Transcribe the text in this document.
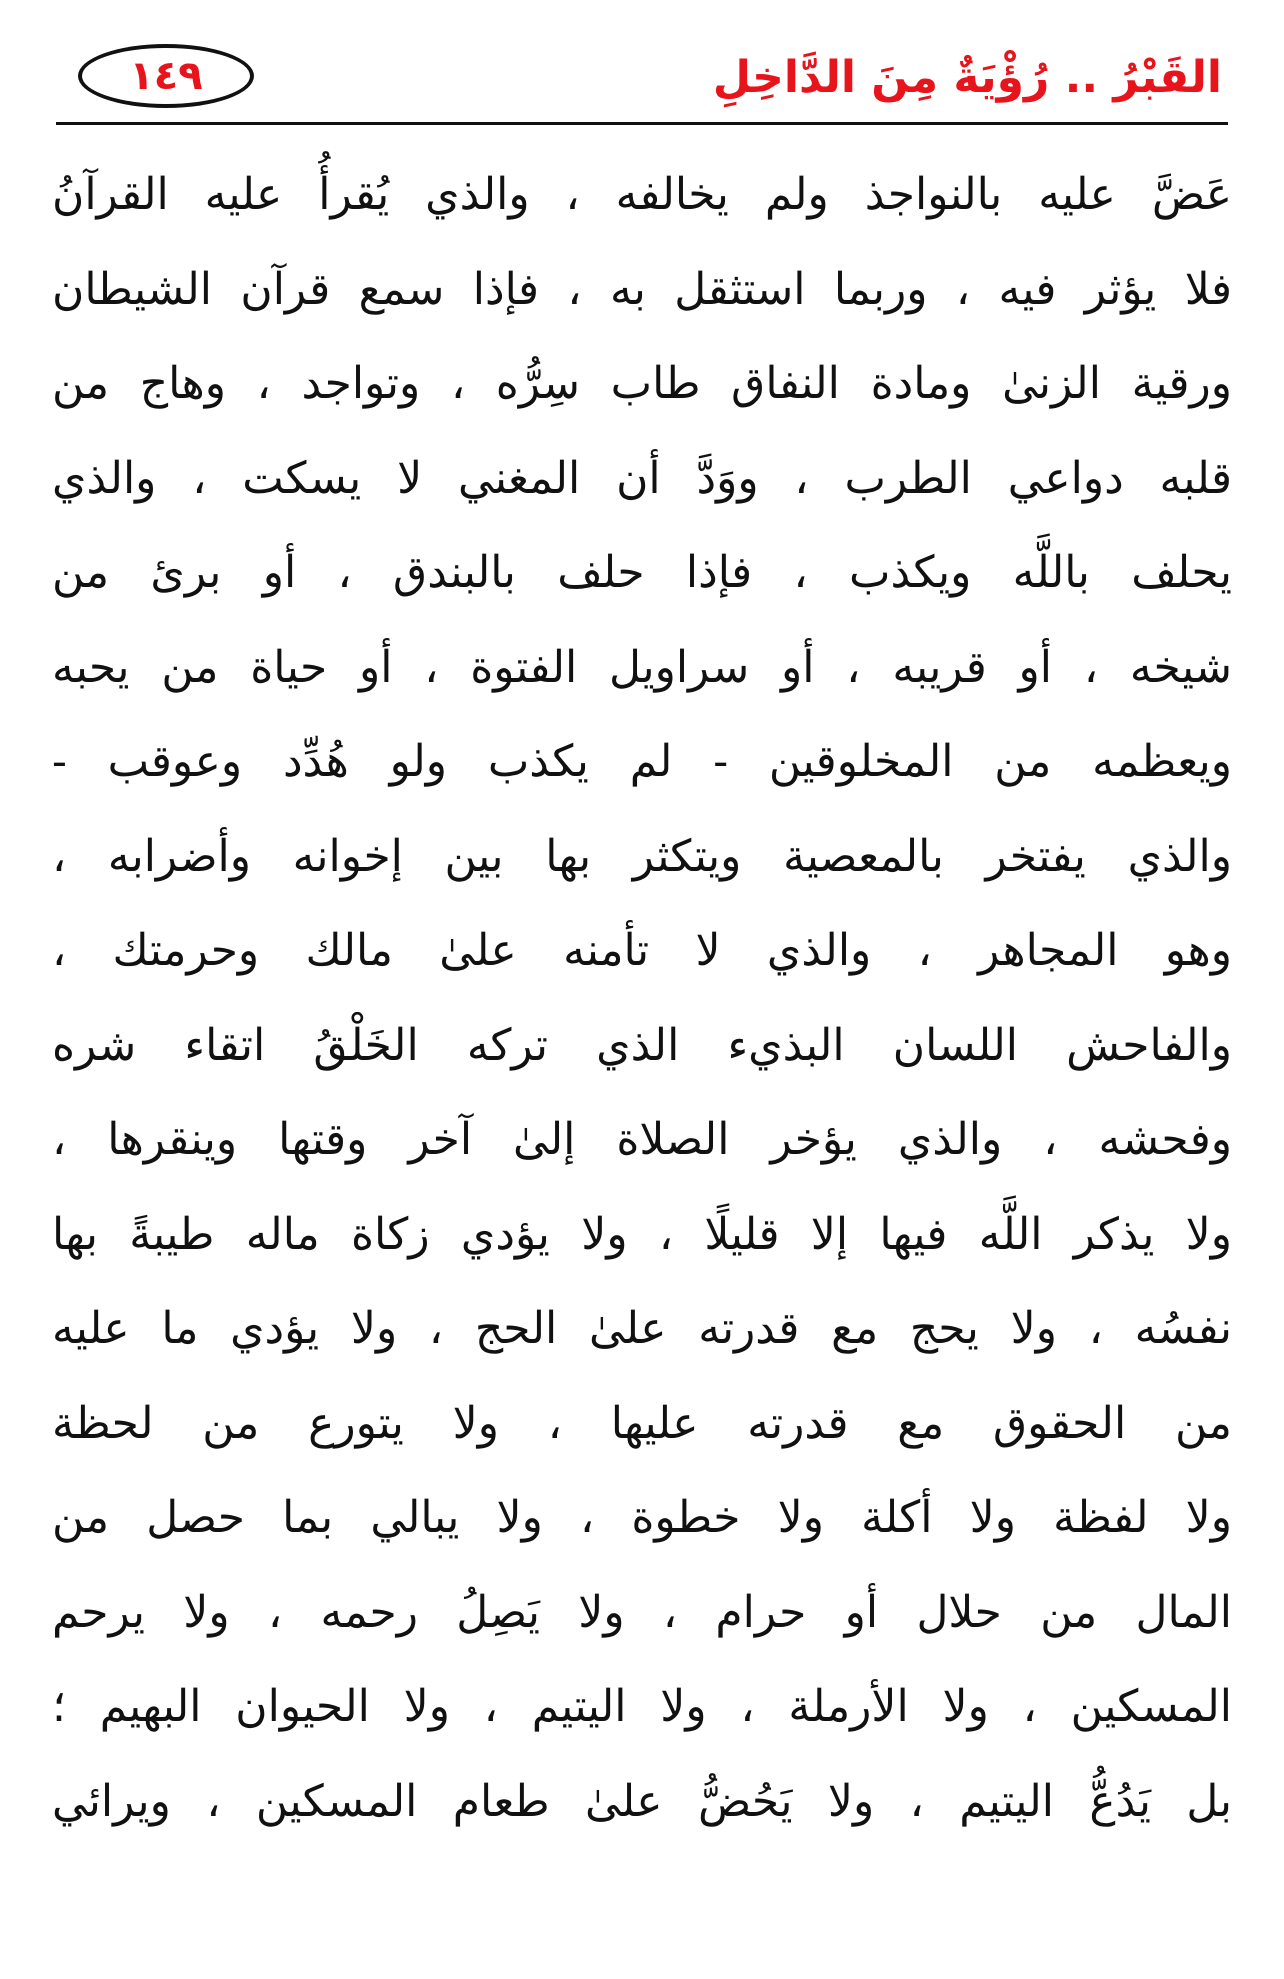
القَبْرُ .. رُؤْيَةٌ مِنَ الدَّاخِلِ
١٤٩
عَضَّ عليه بالنواجذ ولم يخالفه ، والذي يُقرأُ عليه القرآنُ
فلا يؤثر فيه ، وربما استثقل به ، فإذا سمع قرآن الشيطان
ورقية الزنىٰ ومادة النفاق طاب سِرُّه ، وتواجد ، وهاج من
قلبه دواعي الطرب ، ووَدَّ أن المغني لا يسكت ، والذي
يحلف باللَّه ويكذب ، فإذا حلف بالبندق ، أو برئ من
شيخه ، أو قريبه ، أو سراويل الفتوة ، أو حياة من يحبه
ويعظمه من المخلوقين - لم يكذب ولو هُدِّد وعوقب -
والذي يفتخر بالمعصية ويتكثر بها بين إخوانه وأضرابه ،
وهو المجاهر ، والذي لا تأمنه علىٰ مالك وحرمتك ،
والفاحش اللسان البذيء الذي تركه الخَلْقُ اتقاء شره
وفحشه ، والذي يؤخر الصلاة إلىٰ آخر وقتها وينقرها ،
ولا يذكر اللَّه فيها إلا قليلًا ، ولا يؤدي زكاة ماله طيبةً بها
نفسُه ، ولا يحج مع قدرته علىٰ الحج ، ولا يؤدي ما عليه
من الحقوق مع قدرته عليها ، ولا يتورع من لحظة
ولا لفظة ولا أكلة ولا خطوة ، ولا يبالي بما حصل من
المال من حلال أو حرام ، ولا يَصِلُ رحمه ، ولا يرحم
المسكين ، ولا الأرملة ، ولا اليتيم ، ولا الحيوان البهيم ؛
بل يَدُعُّ اليتيم ، ولا يَحُضُّ علىٰ طعام المسكين ، ويرائي
